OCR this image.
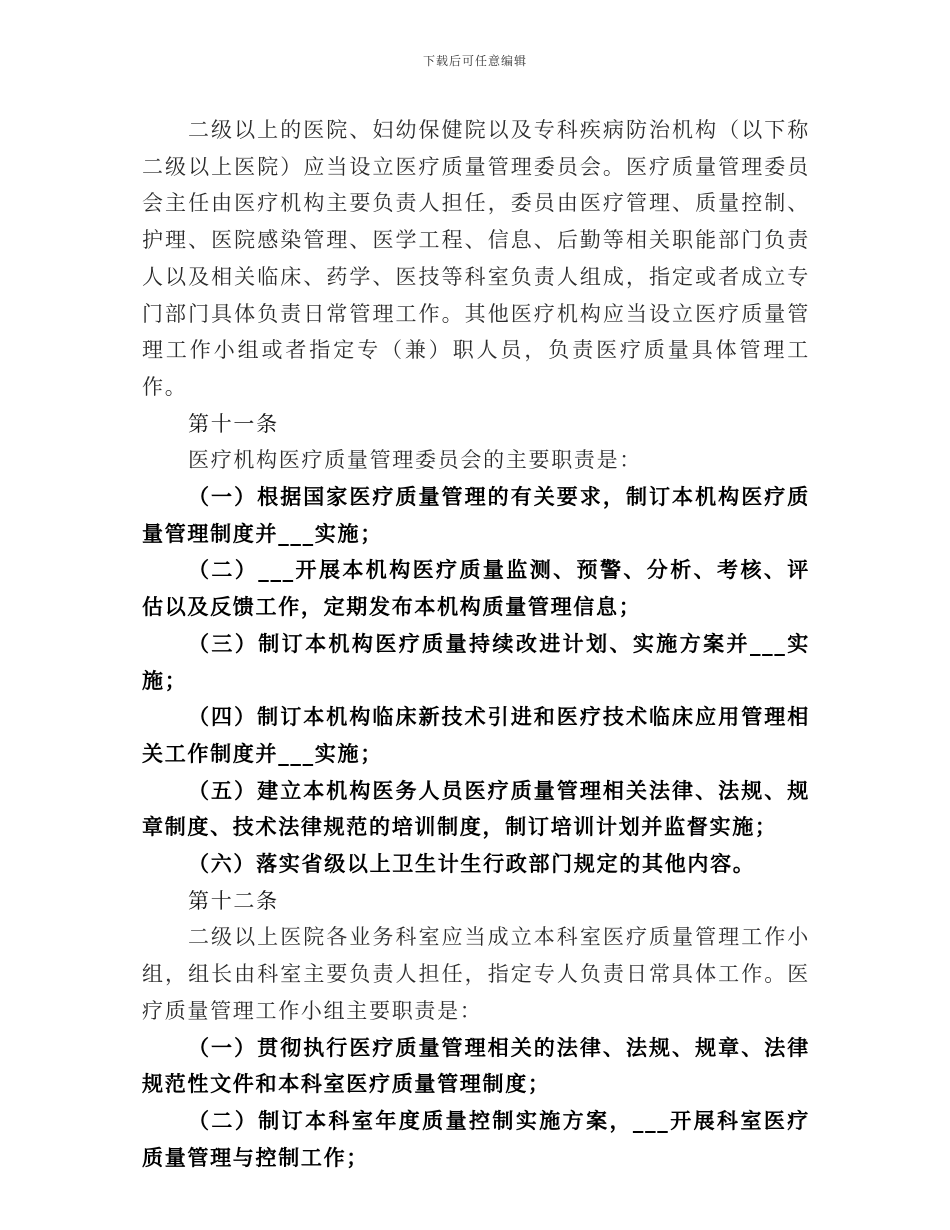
下载后可任意编辑

二级以上的医院、妇幼保健院以及专科疾病防治机构（以下称二级以上医院）应当设立医疗质量管理委员会。医疗质量管理委员会主任由医疗机构主要负责人担任，委员由医疗管理、质量控制、护理、医院感染管理、医学工程、信息、后勤等相关职能部门负责人以及相关临床、药学、医技等科室负责人组成，指定或者成立专门部门具体负责日常管理工作。其他医疗机构应当设立医疗质量管理工作小组或者指定专（兼）职人员，负责医疗质量具体管理工作。

第十一条

医疗机构医疗质量管理委员会的主要职责是：

（一）根据国家医疗质量管理的有关要求，制订本机构医疗质量管理制度并___实施；

（二）___开展本机构医疗质量监测、预警、分析、考核、评估以及反馈工作，定期发布本机构质量管理信息；

（三）制订本机构医疗质量持续改进计划、实施方案并___实施；

（四）制订本机构临床新技术引进和医疗技术临床应用管理相关工作制度并___实施；

（五）建立本机构医务人员医疗质量管理相关法律、法规、规章制度、技术法律规范的培训制度，制订培训计划并监督实施；

（六）落实省级以上卫生计生行政部门规定的其他内容。

第十二条

二级以上医院各业务科室应当成立本科室医疗质量管理工作小组，组长由科室主要负责人担任，指定专人负责日常具体工作。医疗质量管理工作小组主要职责是：

（一）贯彻执行医疗质量管理相关的法律、法规、规章、法律规范性文件和本科室医疗质量管理制度；

（二）制订本科室年度质量控制实施方案，___开展科室医疗质量管理与控制工作；
